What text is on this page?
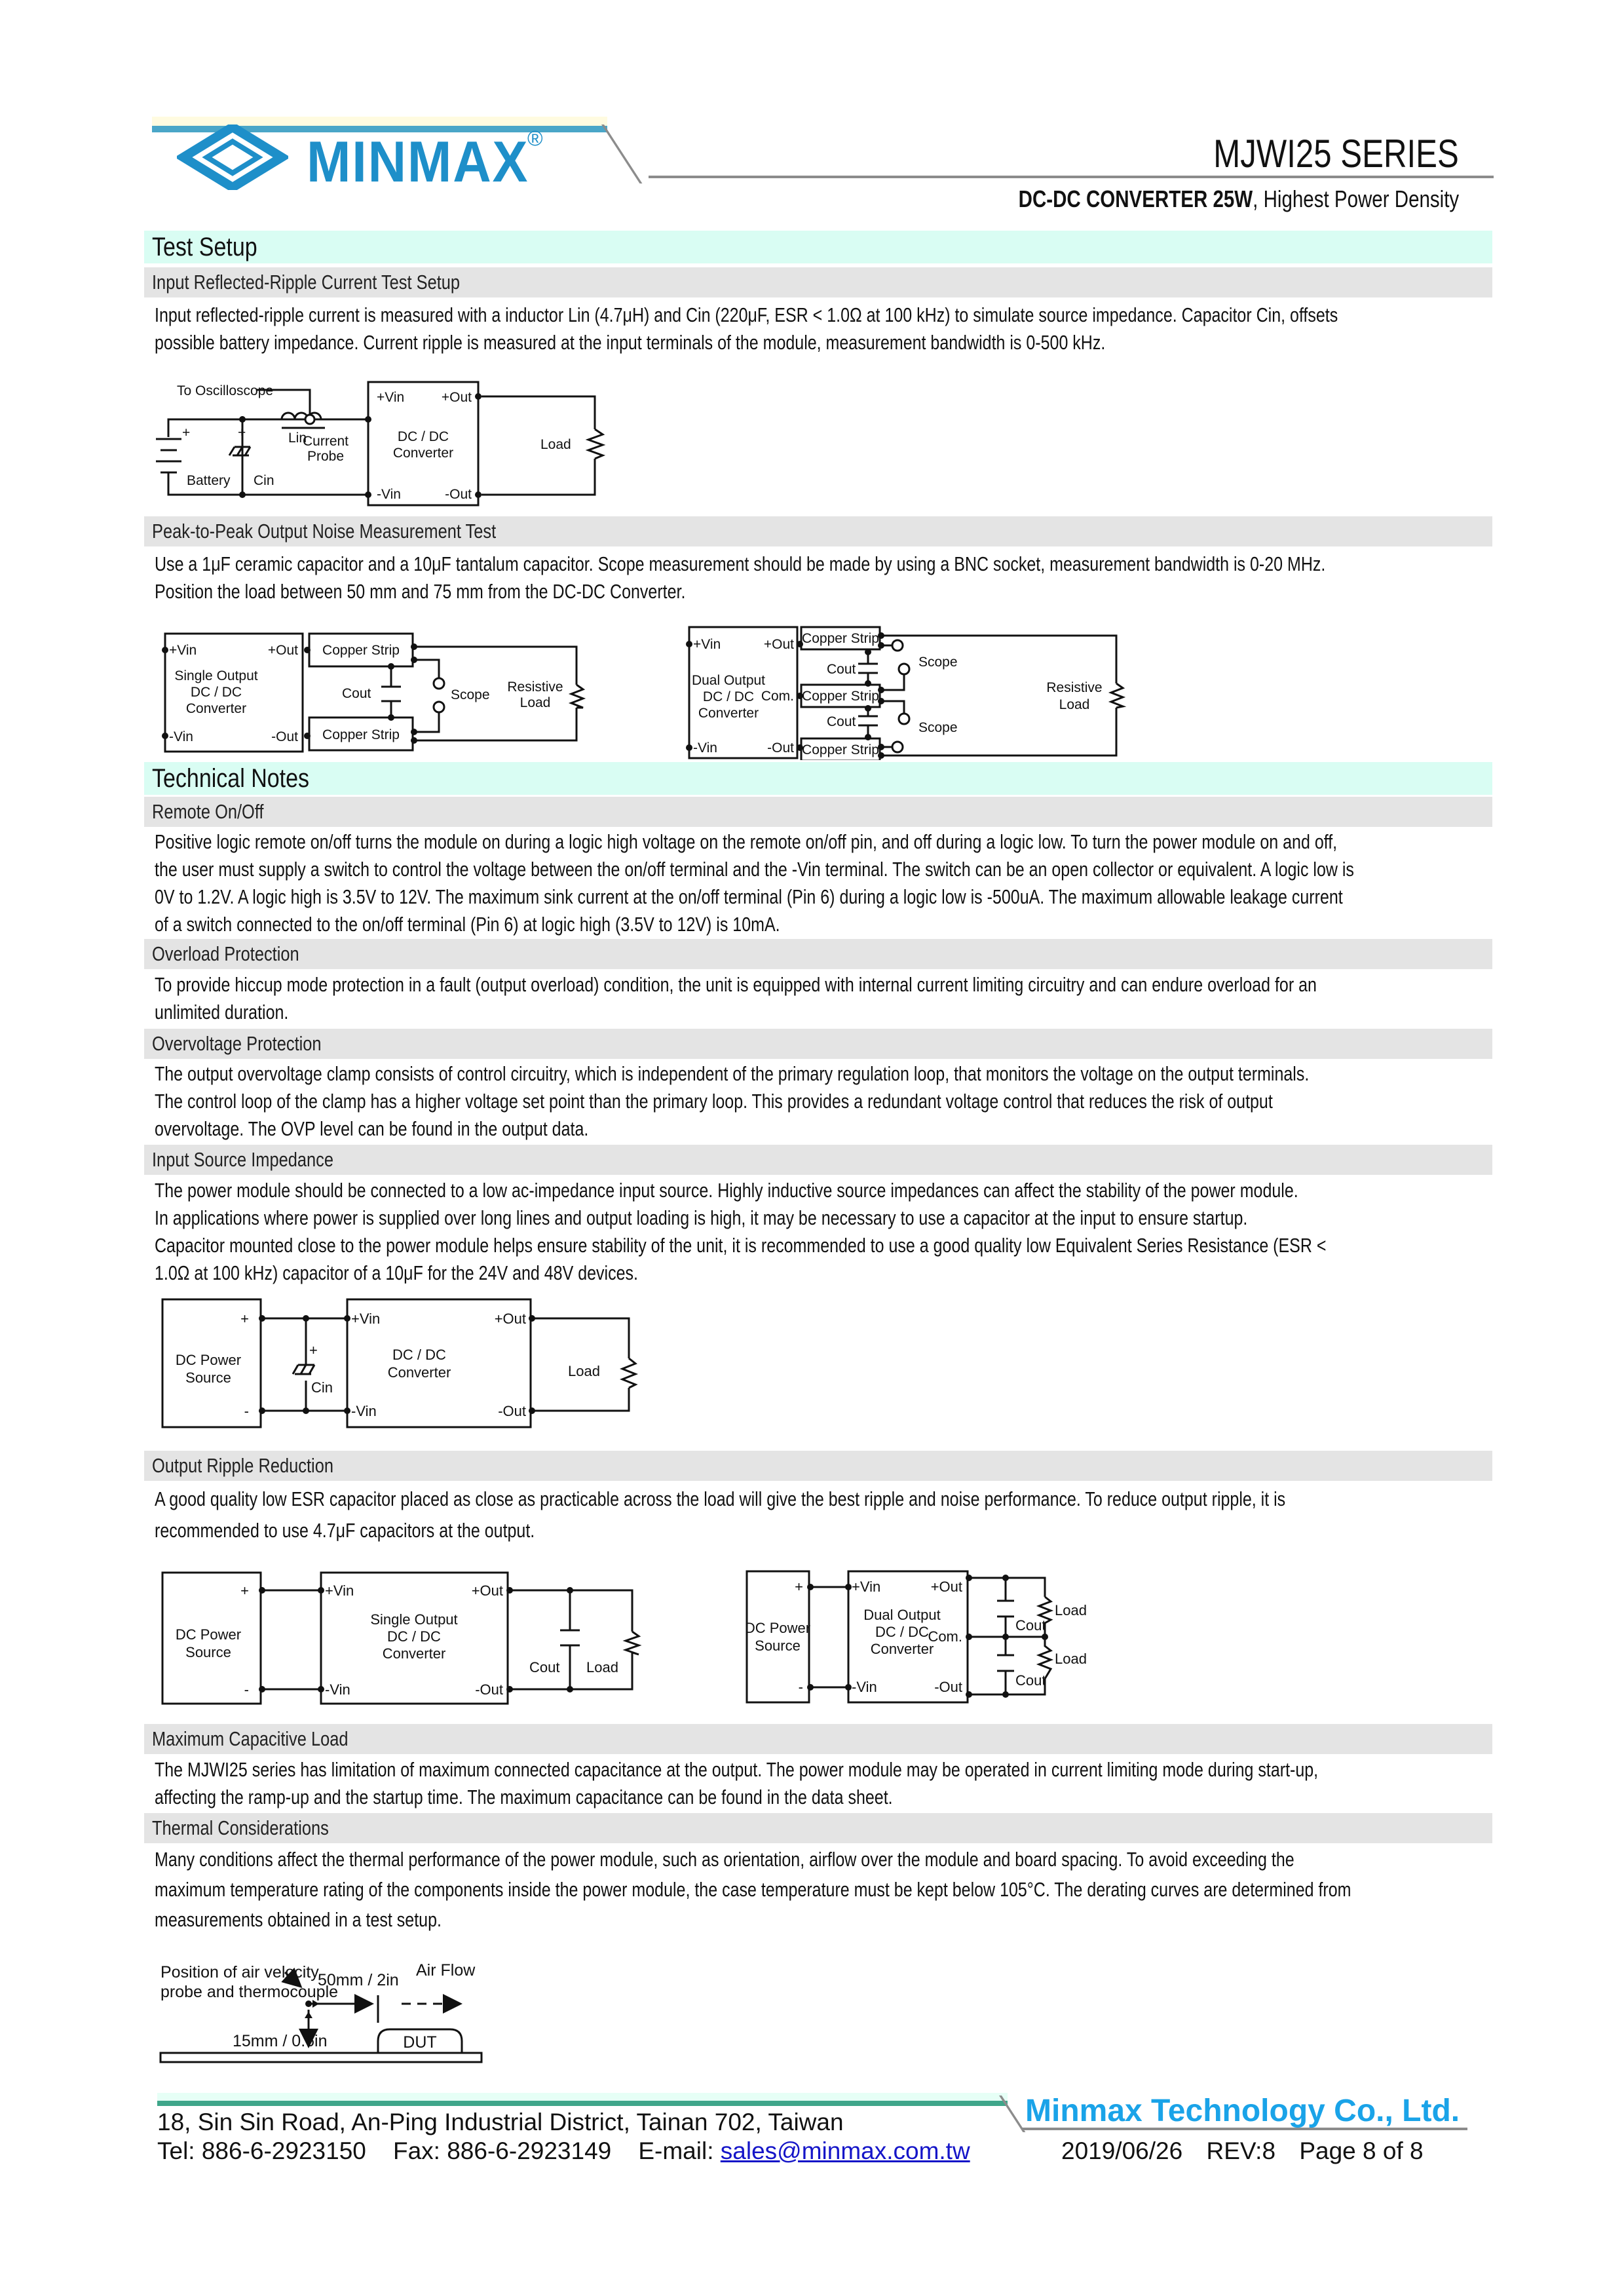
MINMAX
®	MJWI25 SERIES
DC-DC CONVERTER 25W, Highest Power Density
Test Setup
Input Reflected-Ripple Current Test Setup

Input reflected-ripple current is measured with a inductor Lin (4.7μH) and Cin (220μF, ESR < 1.0Ω at 100 kHz) to simulate source impedance. Capacitor Cin, offsets

possible battery impedance. Current ripple is measured at the input terminals of the module, measurement bandwidth is 0-500 kHz.

To Oscilloscope
+	+	Lin
Current
Probe
Battery Cin
+Vin	+Out
DC / DC
Converter
-Vin	-Out
Load
Peak-to-Peak Output Noise Measurement Test

Use a 1μF ceramic capacitor and a 10μF tantalum capacitor. Scope measurement should be made by using a BNC socket, measurement bandwidth is 0-20 MHz.

Position the load between 50 mm and 75 mm from the DC-DC Converter.

+Vin	+Out
-Vin	-Out
Single Output
DC / DC
Converter
Copper Strip
Copper Strip
Cout	Scope
Resistive
Load
+Vin	+Out
Com.
-Vin	-Out
Dual Output
DC / DC
Converter
Copper Strip
Copper Strip
Copper Strip
Cout
Cout
Scope
Scope
Resistive
Load
Technical Notes
Remote On/Off

Positive logic remote on/off turns the module on during a logic high voltage on the remote on/off pin, and off during a logic low. To turn the power module on and off,

the user must supply a switch to control the voltage between the on/off terminal and the -Vin terminal. The switch can be an open collector or equivalent. A logic low is

0V to 1.2V. A logic high is 3.5V to 12V. The maximum sink current at the on/off terminal (Pin 6) during a logic low is -500uA. The maximum allowable leakage current

of a switch connected to the on/off terminal (Pin 6) at logic high (3.5V to 12V) is 10mA.

Overload Protection

To provide hiccup mode protection in a fault (output overload) condition, the unit is equipped with internal current limiting circuitry and can endure overload for an

unlimited duration.

Overvoltage Protection

The output overvoltage clamp consists of control circuitry, which is independent of the primary regulation loop, that monitors the voltage on the output terminals.

The control loop of the clamp has a higher voltage set point than the primary loop. This provides a redundant voltage control that reduces the risk of output

overvoltage. The OVP level can be found in the output data.

Input Source Impedance

The power module should be connected to a low ac-impedance input source. Highly inductive source impedances can affect the stability of the power module.

In applications where power is supplied over long lines and output loading is high, it may be necessary to use a capacitor at the input to ensure startup.

Capacitor mounted close to the power module helps ensure stability of the unit, it is recommended to use a good quality low Equivalent Series Resistance (ESR <

1.0Ω at 100 kHz) capacitor of a 10μF for the 24V and 48V devices.

+
-
DC Power
Source
+
Cin
+Vin	+Out
-Vin	-Out
DC / DC
Converter	Load
Output Ripple Reduction

A good quality low ESR capacitor placed as close as practicable across the load will give the best ripple and noise performance. To reduce output ripple, it is

recommended to use 4.7μF capacitors at the output.

+
-
DC Power
Source
+Vin	+Out
-Vin	-Out
Single Output
DC / DC
Converter
Cout Load
+
-
DC Power
Source
+Vin	+Out
Com.
-Vin	-Out
Dual Output
DC / DC
Converter
Cout
Cout
Load
Load
Maximum Capacitive Load

The MJWI25 series has limitation of maximum connected capacitance at the output. The power module may be operated in current limiting mode during start-up,

affecting the ramp-up and the startup time. The maximum capacitance can be found in the data sheet.

Thermal Considerations

Many conditions affect the thermal performance of the power module, such as orientation, airflow over the module and board spacing. To avoid exceeding the

maximum temperature rating of the components inside the power module, the case temperature must be kept below 105°C. The derating curves are determined from

measurements obtained in a test setup.

Position of air velocity
probe and thermocouple
50mm / 2in
Air Flow
15mm / 0.6in	DUT
Minmax Technology Co., Ltd.
18, Sin Sin Road, An-Ping Industrial District, Tainan 702, Taiwan
Tel: 886-6-2923150 Fax: 886-6-2923149 E-mail: sales@minmax.com.tw	2019/06/26 REV:8 Page 8 of 8
